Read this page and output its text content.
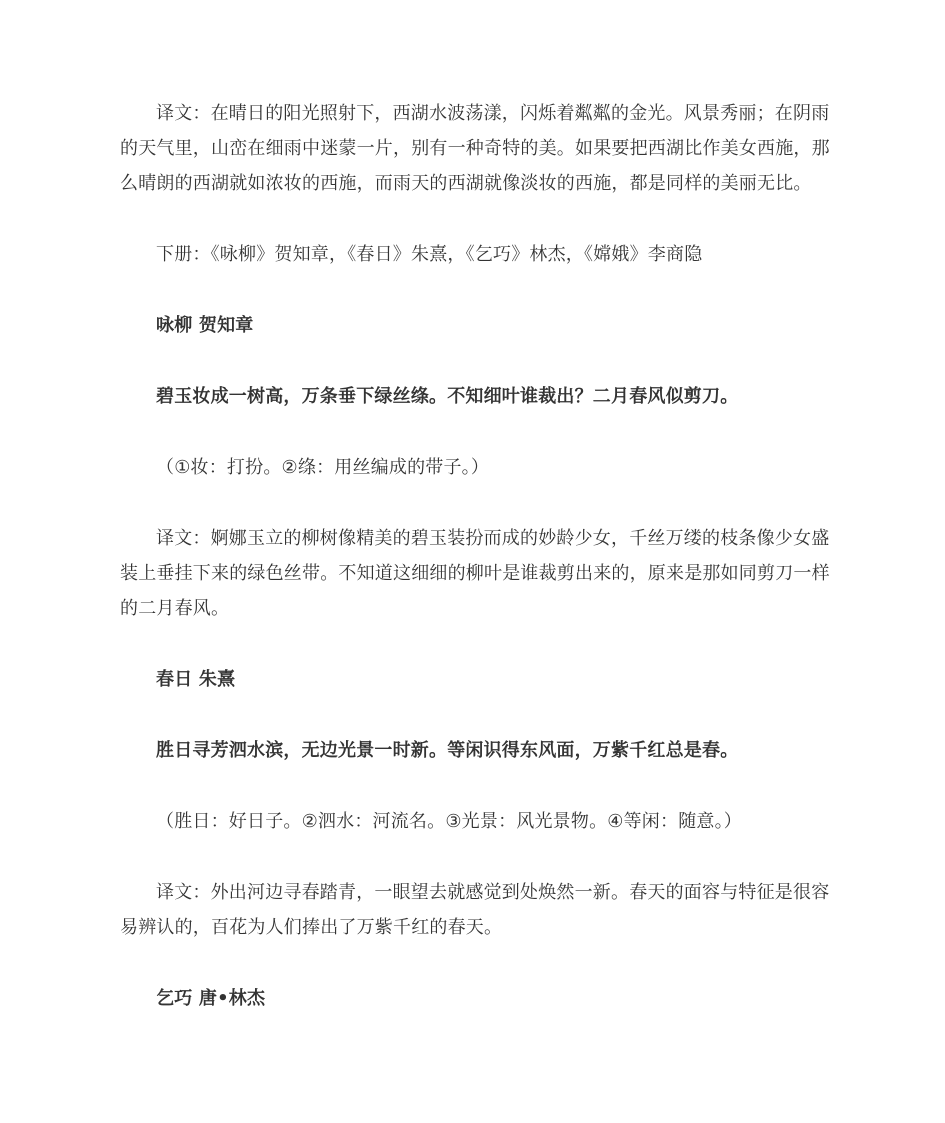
译文：在晴日的阳光照射下，西湖水波荡漾，闪烁着粼粼的金光。风景秀丽；在阴雨的天气里，山峦在细雨中迷蒙一片，别有一种奇特的美。如果要把西湖比作美女西施，那么晴朗的西湖就如浓妆的西施，而雨天的西湖就像淡妆的西施，都是同样的美丽无比。

下册：《咏柳》贺知章，《春日》朱熹，《乞巧》林杰，《嫦娥》李商隐

咏柳 贺知章

碧玉妆成一树高，万条垂下绿丝绦。不知细叶谁裁出？二月春风似剪刀。

（①妆：打扮。②绦：用丝编成的带子。）

译文：婀娜玉立的柳树像精美的碧玉装扮而成的妙龄少女，千丝万缕的枝条像少女盛装上垂挂下来的绿色丝带。不知道这细细的柳叶是谁裁剪出来的，原来是那如同剪刀一样的二月春风。

春日 朱熹

胜日寻芳泗水滨，无边光景一时新。等闲识得东风面，万紫千红总是春。

（胜日：好日子。②泗水：河流名。③光景：风光景物。④等闲：随意。）

译文：外出河边寻春踏青，一眼望去就感觉到处焕然一新。春天的面容与特征是很容易辨认的，百花为人们捧出了万紫千红的春天。

乞巧 唐•林杰
